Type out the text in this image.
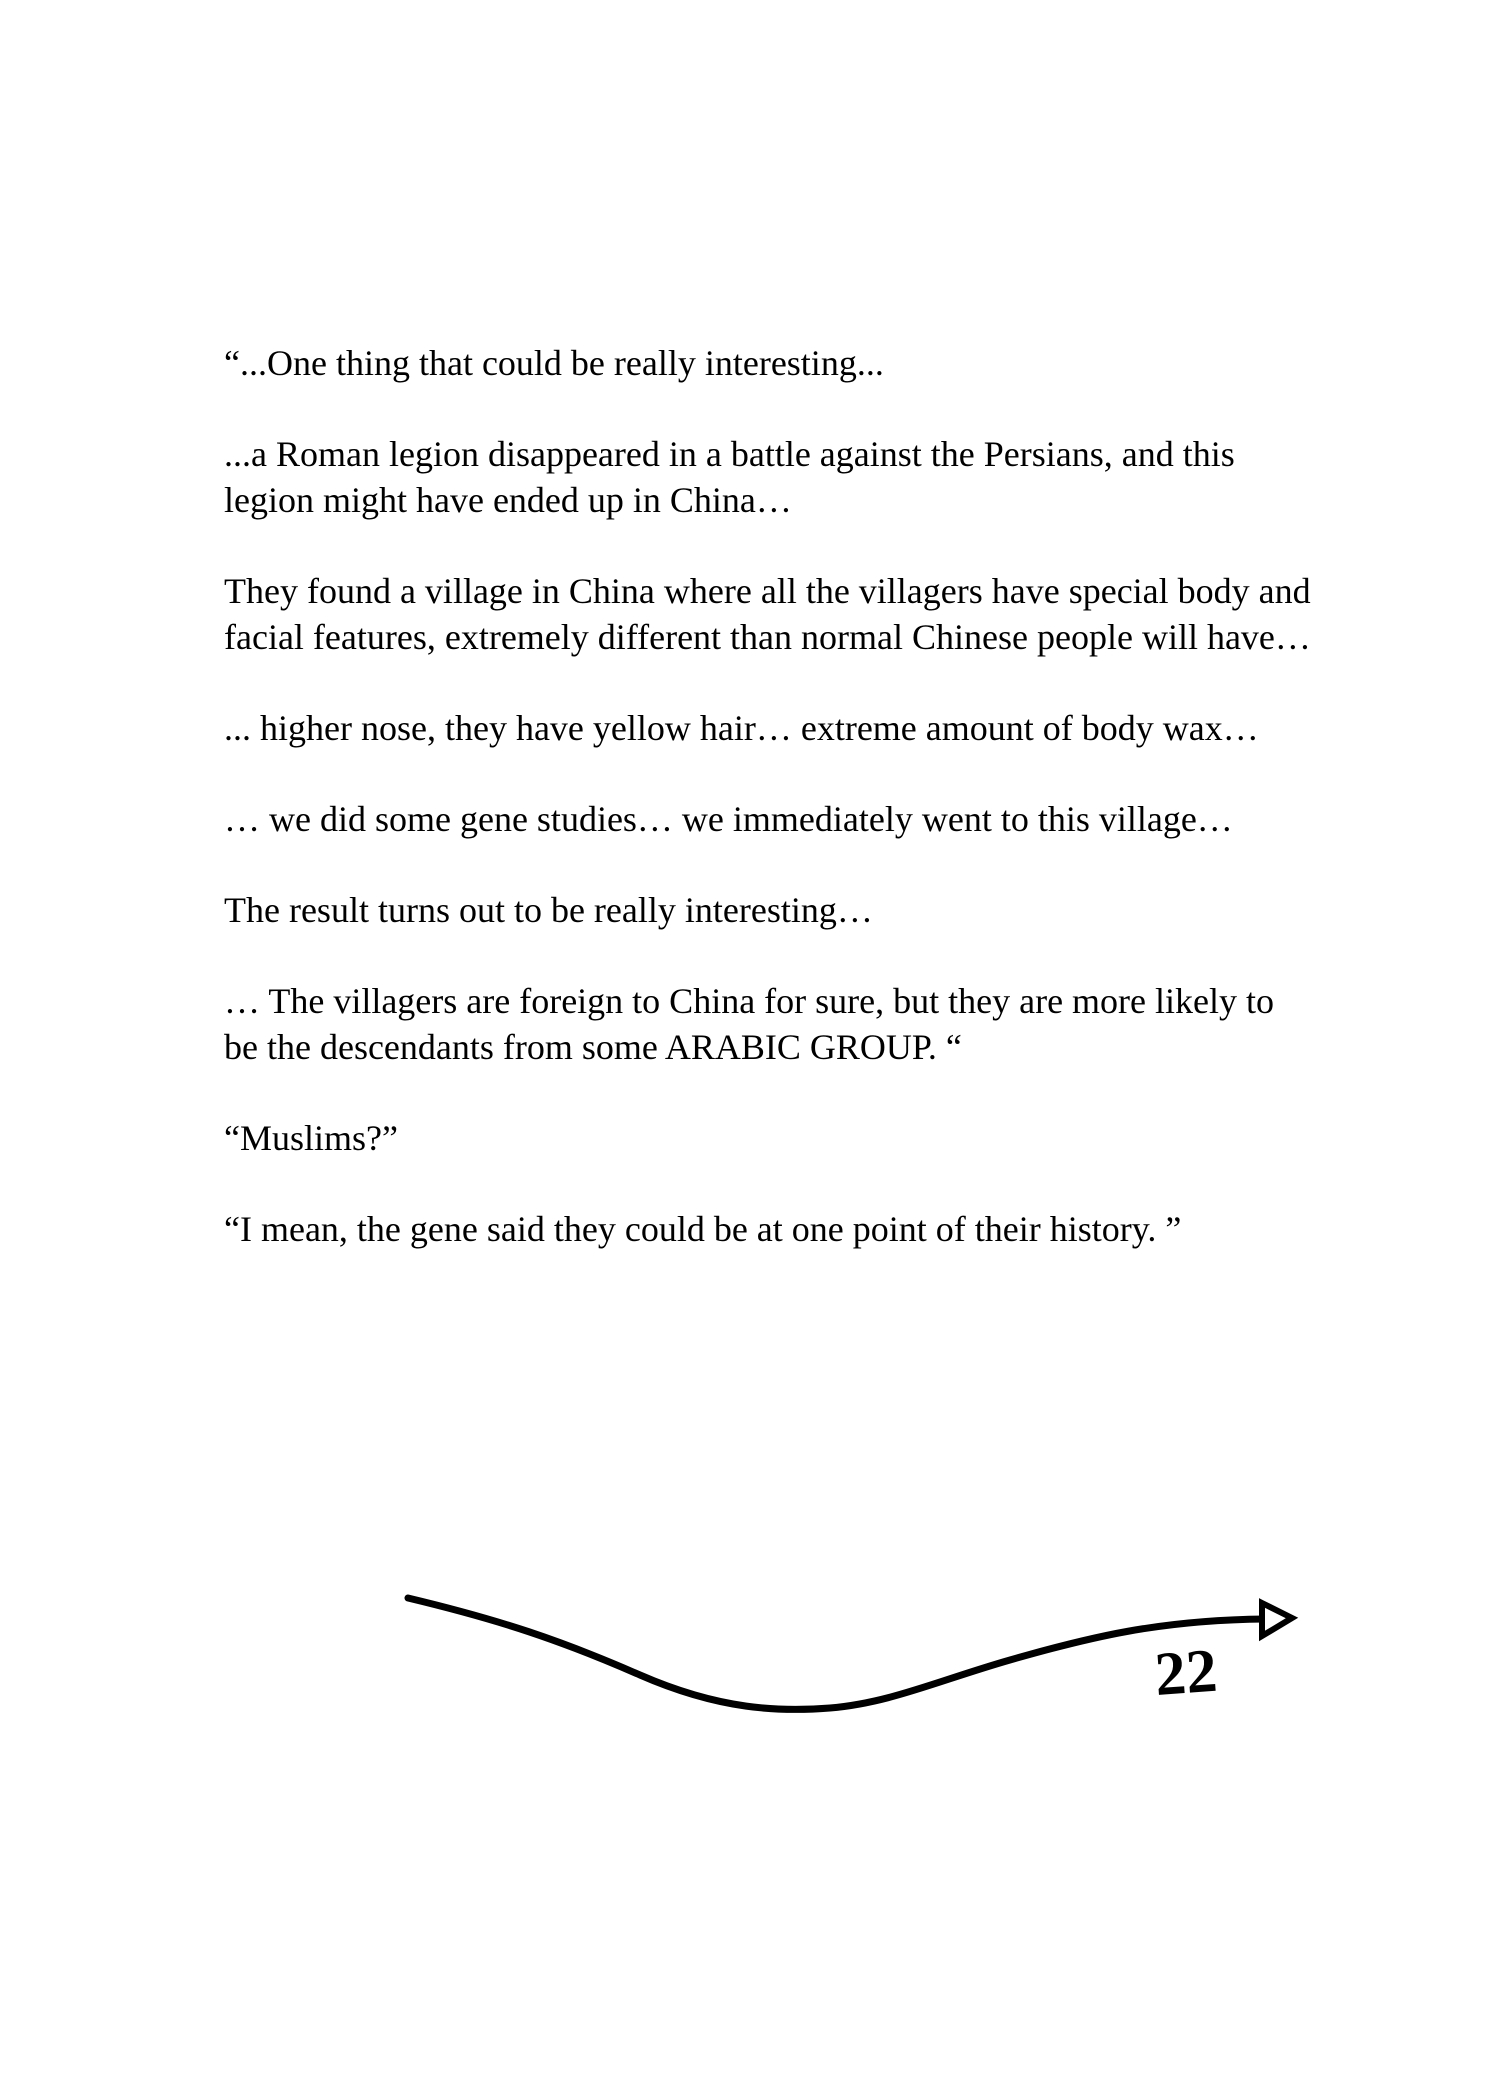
“...One thing that could be really interesting...

...a Roman legion disappeared in a battle against the Persians, and this legion might have ended up in China…

They found a village in China where all the villagers have special body and facial features, extremely different than normal Chinese people will have…

... higher nose, they have yellow hair… extreme amount of body wax…

… we did some gene studies… we immediately went to this village…

The result turns out to be really interesting…

… The villagers are foreign to China for sure, but they are more likely to be the descendants from some ARABIC GROUP. “

“Muslims?”

“I mean, the gene said they could be at one point of their history. ”

22
